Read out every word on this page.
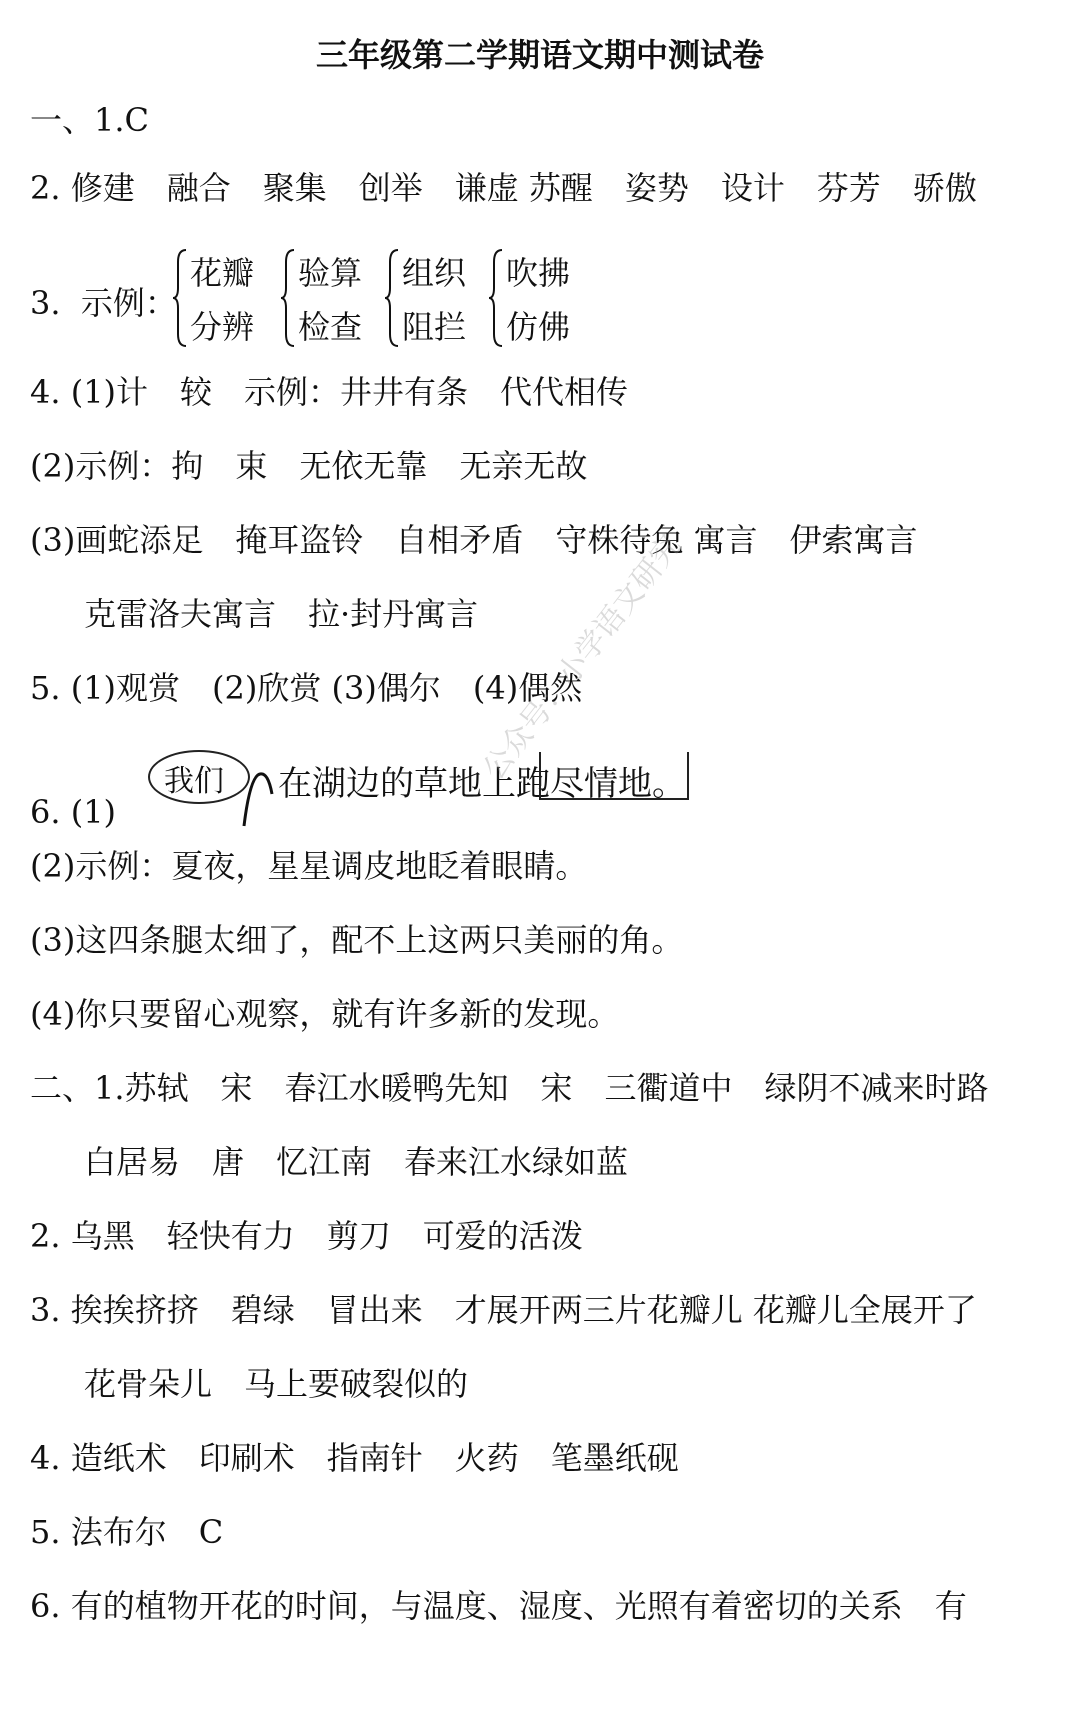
三年级第二学期语文期中测试卷
一、1.C
2. 修建　融合　聚集　创举　谦虚 苏醒　姿势　设计　芬芳　骄傲
3.  示例：
花瓣
分辨
验算
检查
组织
阻拦
吹拂
仿佛
4. (1)计　较　示例：井井有条　代代相传
(2)示例：拘　束　无依无靠　无亲无故
(3)画蛇添足　掩耳盗铃　自相矛盾　守株待兔 寓言　伊索寓言
克雷洛夫寓言　拉·封丹寓言
5. (1)观赏　(2)欣赏 (3)偶尔　(4)偶然
6. (1)
我们 在湖边的草地上跑尽情地。
公众号：小学语文研究
(2)示例：夏夜，星星调皮地眨着眼睛。
(3)这四条腿太细了，配不上这两只美丽的角。
(4)你只要留心观察，就有许多新的发现。
二、1.苏轼　宋　春江水暖鸭先知　宋　三衢道中　绿阴不减来时路
白居易　唐　忆江南　春来江水绿如蓝
2. 乌黑　轻快有力　剪刀　可爱的活泼
3. 挨挨挤挤　碧绿　冒出来　才展开两三片花瓣儿 花瓣儿全展开了
花骨朵儿　马上要破裂似的
4. 造纸术　印刷术　指南针　火药　笔墨纸砚
5. 法布尔　C
6. 有的植物开花的时间，与温度、湿度、光照有着密切的关系　有
